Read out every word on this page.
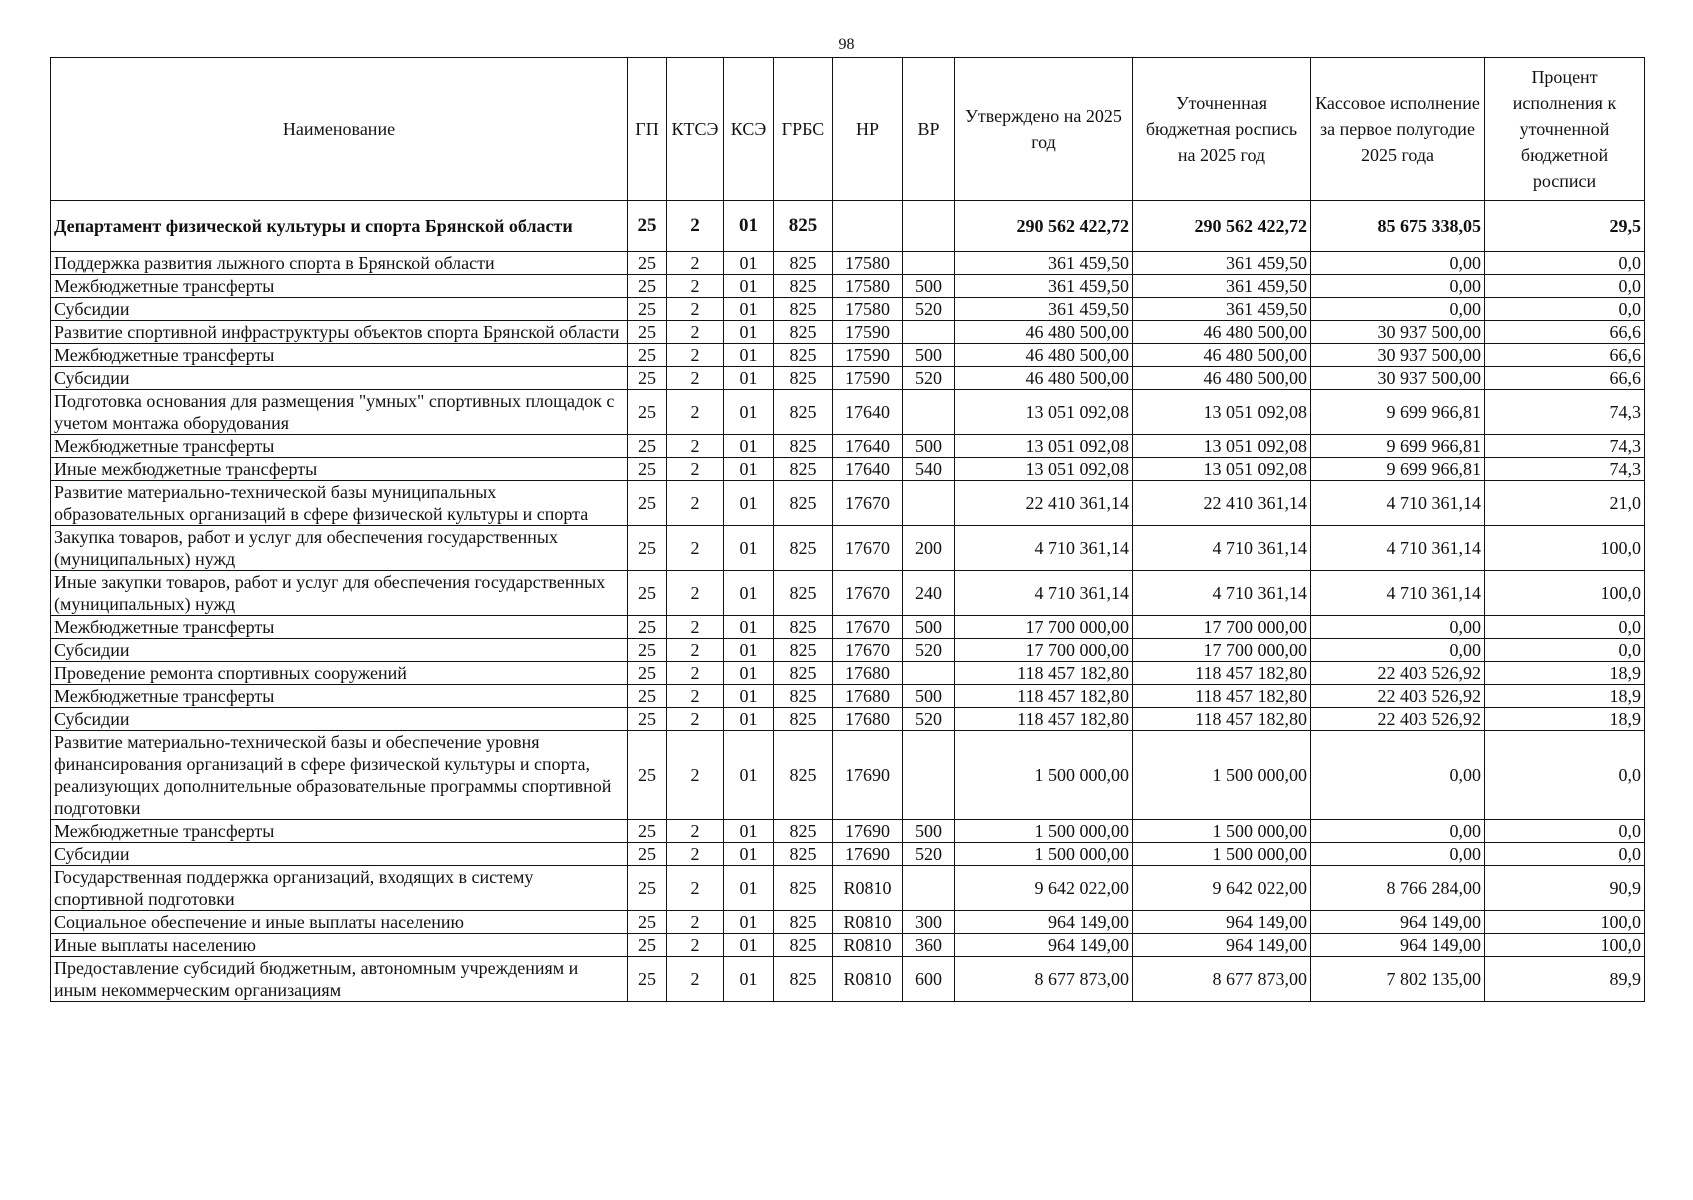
98
Наименование	ГП	КТСЭ	КСЭ	ГРБС	НР	ВР	Утверждено на 2025 год	Уточненная бюджетная роспись на 2025 год	Кассовое исполнение за первое полугодие 2025 года	Процент исполнения к уточненной бюджетной росписи
Департамент физической культуры и спорта Брянской области	25	2	01	825			290 562 422,72	290 562 422,72	85 675 338,05	29,5
Поддержка развития лыжного спорта в Брянской области	25	2	01	825	17580		361 459,50	361 459,50	0,00	0,0
Межбюджетные трансферты	25	2	01	825	17580	500	361 459,50	361 459,50	0,00	0,0
Субсидии	25	2	01	825	17580	520	361 459,50	361 459,50	0,00	0,0
Развитие спортивной инфраструктуры объектов спорта Брянской области	25	2	01	825	17590		46 480 500,00	46 480 500,00	30 937 500,00	66,6
Межбюджетные трансферты	25	2	01	825	17590	500	46 480 500,00	46 480 500,00	30 937 500,00	66,6
Субсидии	25	2	01	825	17590	520	46 480 500,00	46 480 500,00	30 937 500,00	66,6
Подготовка основания для размещения "умных" спортивных площадок с учетом монтажа оборудования	25	2	01	825	17640		13 051 092,08	13 051 092,08	9 699 966,81	74,3
Межбюджетные трансферты	25	2	01	825	17640	500	13 051 092,08	13 051 092,08	9 699 966,81	74,3
Иные межбюджетные трансферты	25	2	01	825	17640	540	13 051 092,08	13 051 092,08	9 699 966,81	74,3
Развитие материально-технической базы муниципальных образовательных организаций в сфере физической культуры и спорта	25	2	01	825	17670		22 410 361,14	22 410 361,14	4 710 361,14	21,0
Закупка товаров, работ и услуг для обеспечения государственных (муниципальных) нужд	25	2	01	825	17670	200	4 710 361,14	4 710 361,14	4 710 361,14	100,0
Иные закупки товаров, работ и услуг для обеспечения государственных (муниципальных) нужд	25	2	01	825	17670	240	4 710 361,14	4 710 361,14	4 710 361,14	100,0
Межбюджетные трансферты	25	2	01	825	17670	500	17 700 000,00	17 700 000,00	0,00	0,0
Субсидии	25	2	01	825	17670	520	17 700 000,00	17 700 000,00	0,00	0,0
Проведение ремонта спортивных сооружений	25	2	01	825	17680		118 457 182,80	118 457 182,80	22 403 526,92	18,9
Межбюджетные трансферты	25	2	01	825	17680	500	118 457 182,80	118 457 182,80	22 403 526,92	18,9
Субсидии	25	2	01	825	17680	520	118 457 182,80	118 457 182,80	22 403 526,92	18,9
Развитие материально-технической базы и обеспечение уровня финансирования организаций в сфере физической культуры и спорта, реализующих дополнительные образовательные программы спортивной подготовки	25	2	01	825	17690		1 500 000,00	1 500 000,00	0,00	0,0
Межбюджетные трансферты	25	2	01	825	17690	500	1 500 000,00	1 500 000,00	0,00	0,0
Субсидии	25	2	01	825	17690	520	1 500 000,00	1 500 000,00	0,00	0,0
Государственная поддержка организаций, входящих в систему спортивной подготовки	25	2	01	825	R0810		9 642 022,00	9 642 022,00	8 766 284,00	90,9
Социальное обеспечение и иные выплаты населению	25	2	01	825	R0810	300	964 149,00	964 149,00	964 149,00	100,0
Иные выплаты населению	25	2	01	825	R0810	360	964 149,00	964 149,00	964 149,00	100,0
Предоставление субсидий бюджетным, автономным учреждениям и иным некоммерческим организациям	25	2	01	825	R0810	600	8 677 873,00	8 677 873,00	7 802 135,00	89,9
